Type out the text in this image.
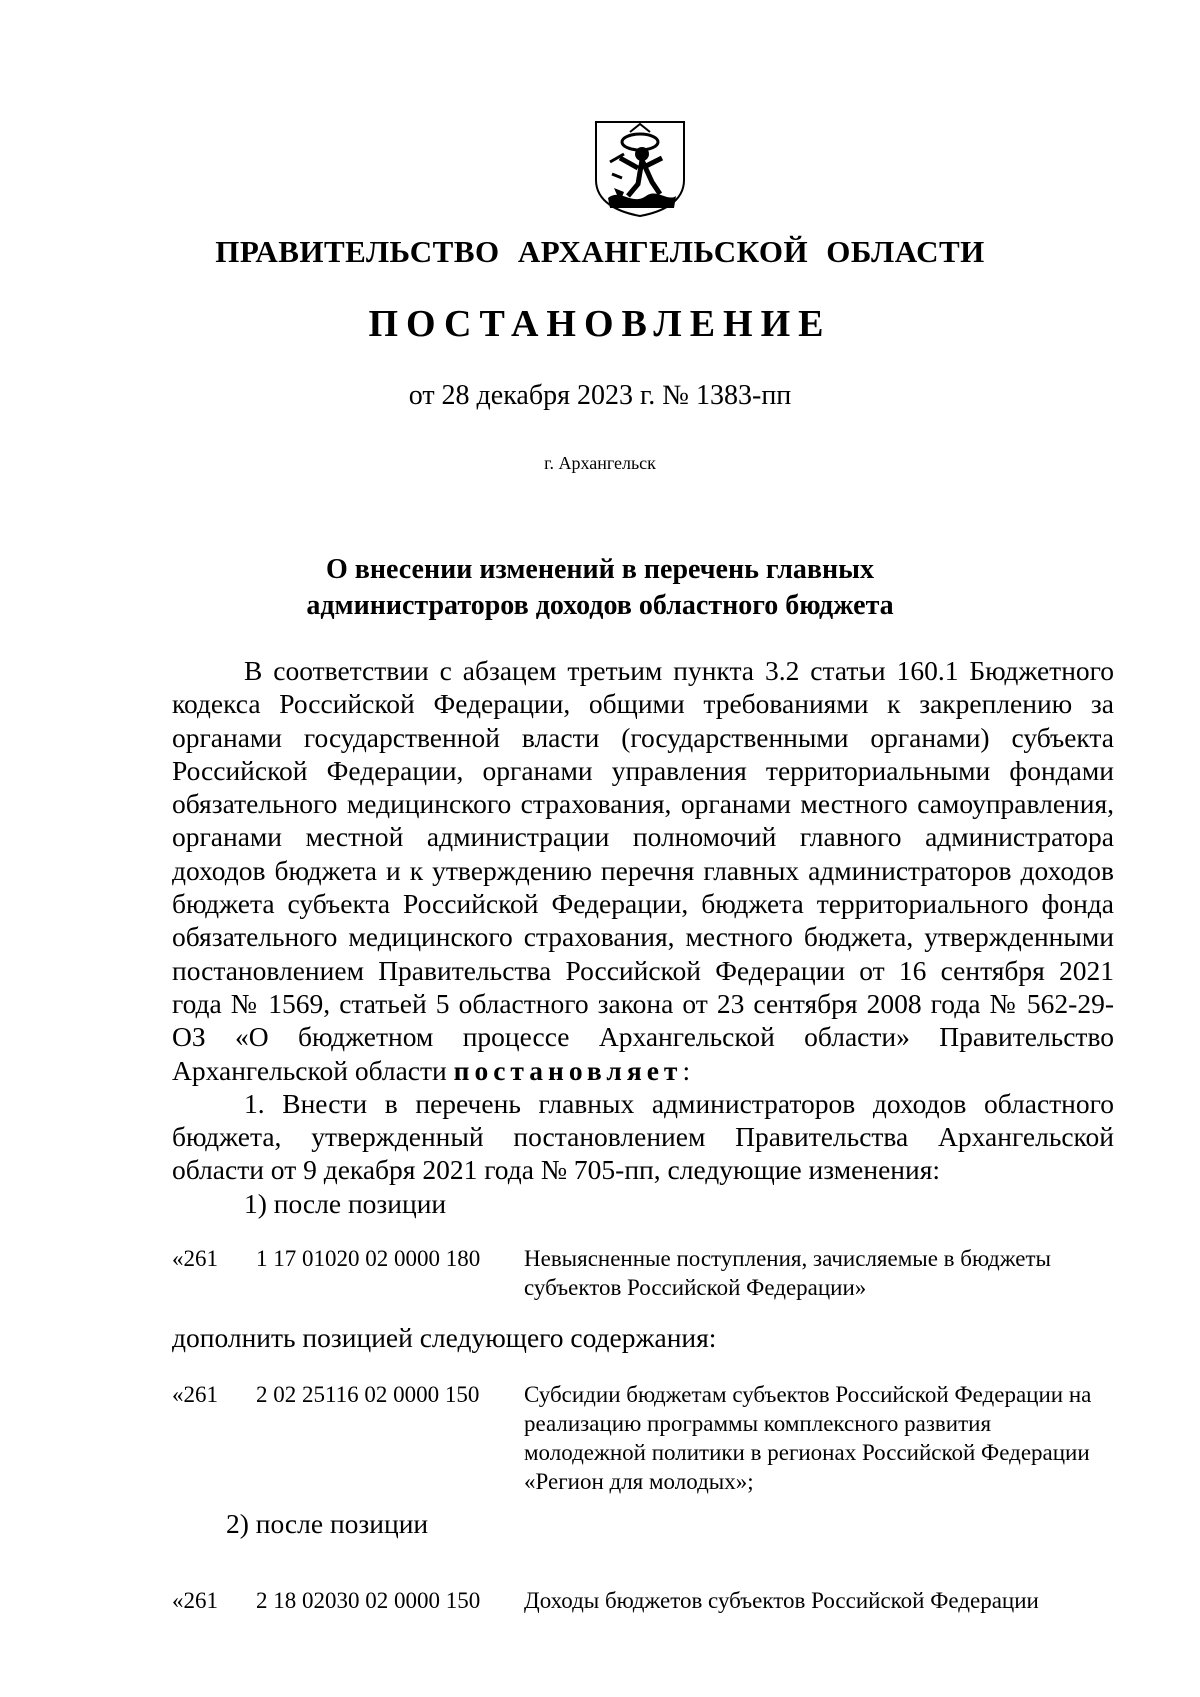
ПРАВИТЕЛЬСТВО АРХАНГЕЛЬСКОЙ ОБЛАСТИ
ПОСТАНОВЛЕНИЕ
от 28 декабря 2023 г. № 1383-пп
г. Архангельск
О внесении изменений в перечень главных
администраторов доходов областного бюджета

В соответствии с абзацем третьим пункта 3.2 статьи 160.1 Бюджетного кодекса Российской Федерации, общими требованиями к закреплению за органами государственной власти (государственными органами) субъекта Российской Федерации, органами управления территориальными фондами обязательного медицинского страхования, органами местного самоуправления, органами местной администрации полномочий главного администратора доходов бюджета и к утверждению перечня главных администраторов доходов бюджета субъекта Российской Федерации, бюджета территориального фонда обязательного медицинского страхования, местного бюджета, утвержденными постановлением Правительства Российской Федерации от 16 сентября 2021 года № 1569, статьей 5 областного закона от 23 сентября 2008 года № 562-29-ОЗ «О бюджетном процессе Архангельской области» Правительство Архангельской области постановляет:

1. Внести в перечень главных администраторов доходов областного бюджета, утвержденный постановлением Правительства Архангельской области от 9 декабря 2021 года № 705-пп, следующие изменения:

1) после позиции

«261 1 17 01020 02 0000 180 Невыясненные поступления, зачисляемые в бюджеты субъектов Российской Федерации»
дополнить позицией следующего содержания:
«261 2 02 25116 02 0000 150 Субсидии бюджетам субъектов Российской Федерации на реализацию программы комплексного развития молодежной политики в регионах Российской Федерации «Регион для молодых»;
2) после позиции
«261 2 18 02030 02 0000 150 Доходы бюджетов субъектов Российской Федерации
